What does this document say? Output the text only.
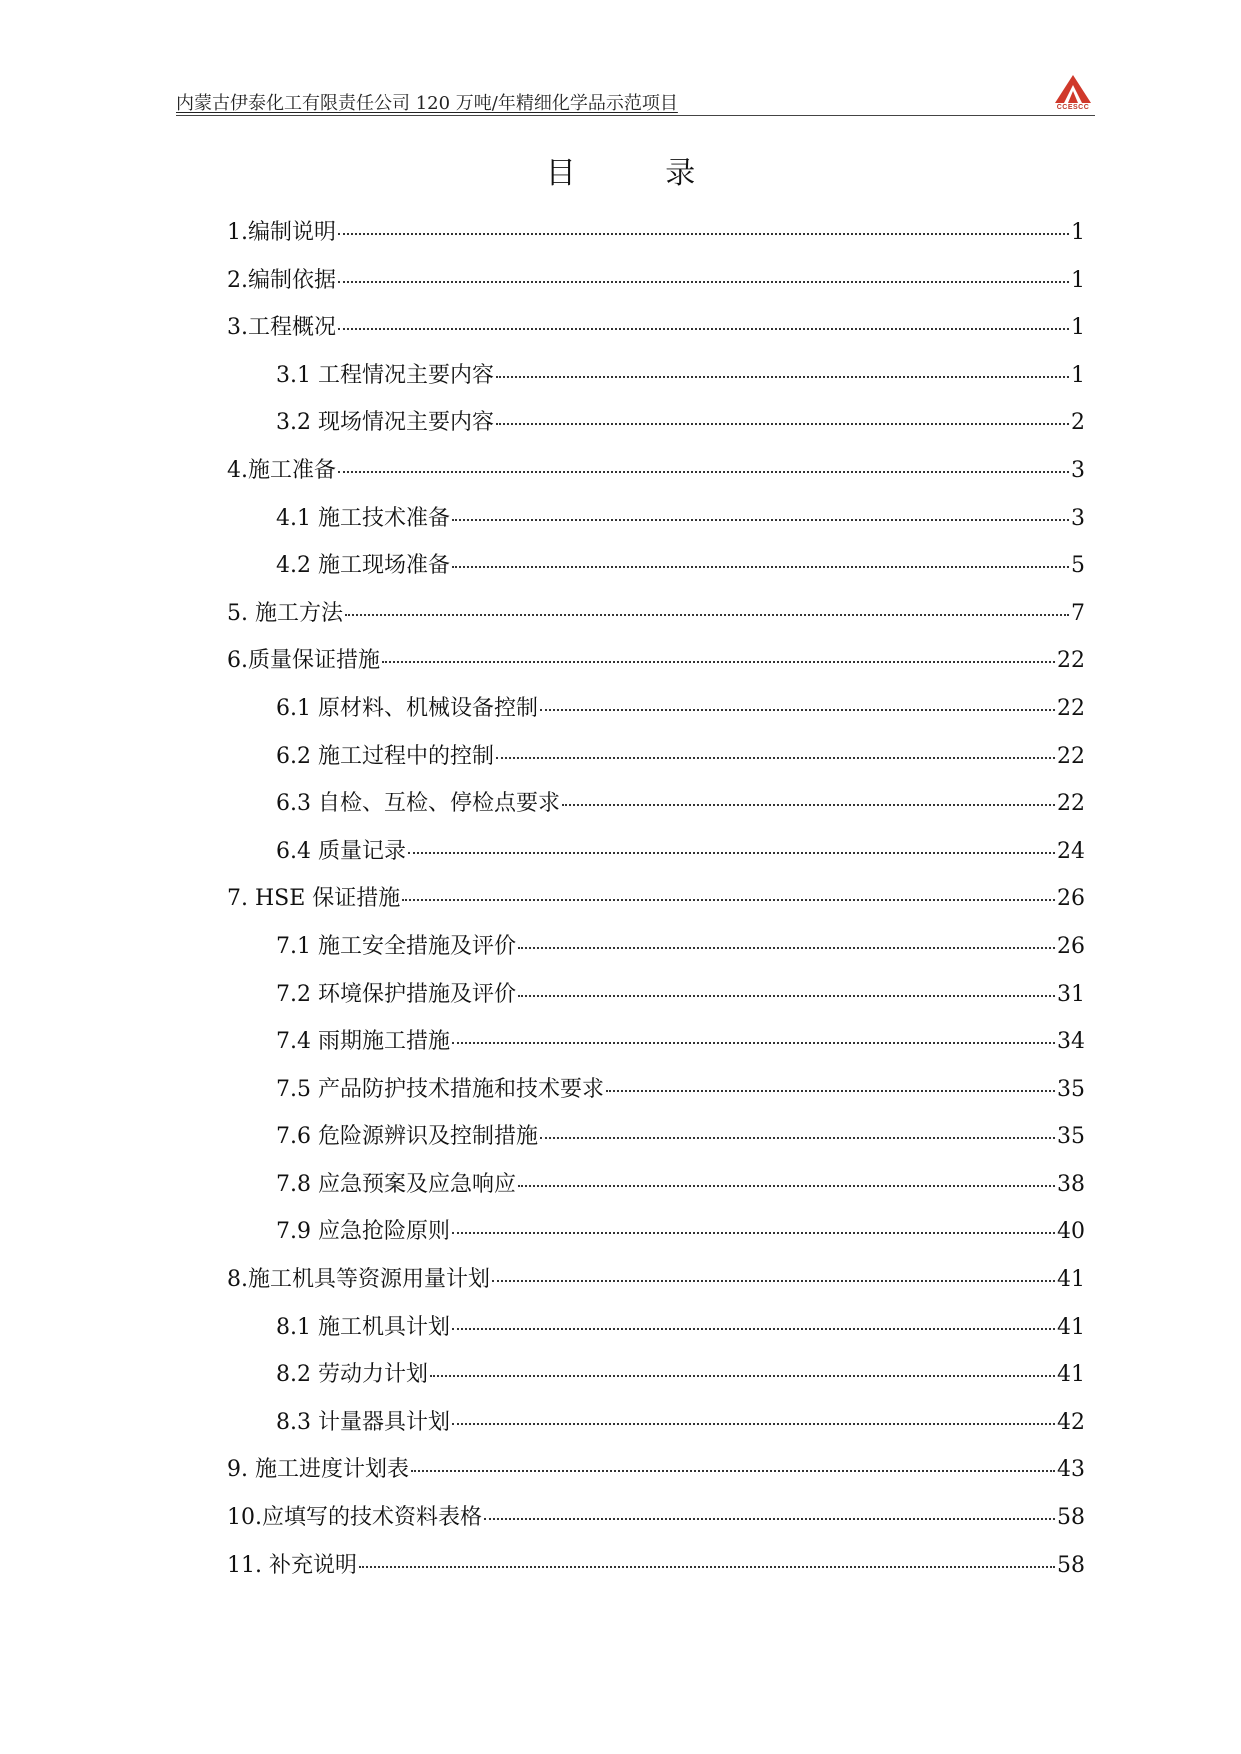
内蒙古伊泰化工有限责任公司 120 万吨/年精细化学品示范项目	CCESCC
目 录
1.编制说明	1
2.编制依据	1
3.工程概况	1
3.1 工程情况主要内容	1
3.2 现场情况主要内容	2
4.施工准备	3
4.1 施工技术准备	3
4.2 施工现场准备	5
5. 施工方法	7
6.质量保证措施	22
6.1 原材料、机械设备控制	22
6.2 施工过程中的控制	22
6.3 自检、互检、停检点要求	22
6.4 质量记录	24
7. HSE 保证措施	26
7.1 施工安全措施及评价	26
7.2 环境保护措施及评价	31
7.4 雨期施工措施	34
7.5 产品防护技术措施和技术要求	35
7.6 危险源辨识及控制措施	35
7.8 应急预案及应急响应	38
7.9 应急抢险原则	40
8.施工机具等资源用量计划	41
8.1 施工机具计划	41
8.2 劳动力计划	41
8.3 计量器具计划	42
9. 施工进度计划表	43
10.应填写的技术资料表格	58
11. 补充说明	58
